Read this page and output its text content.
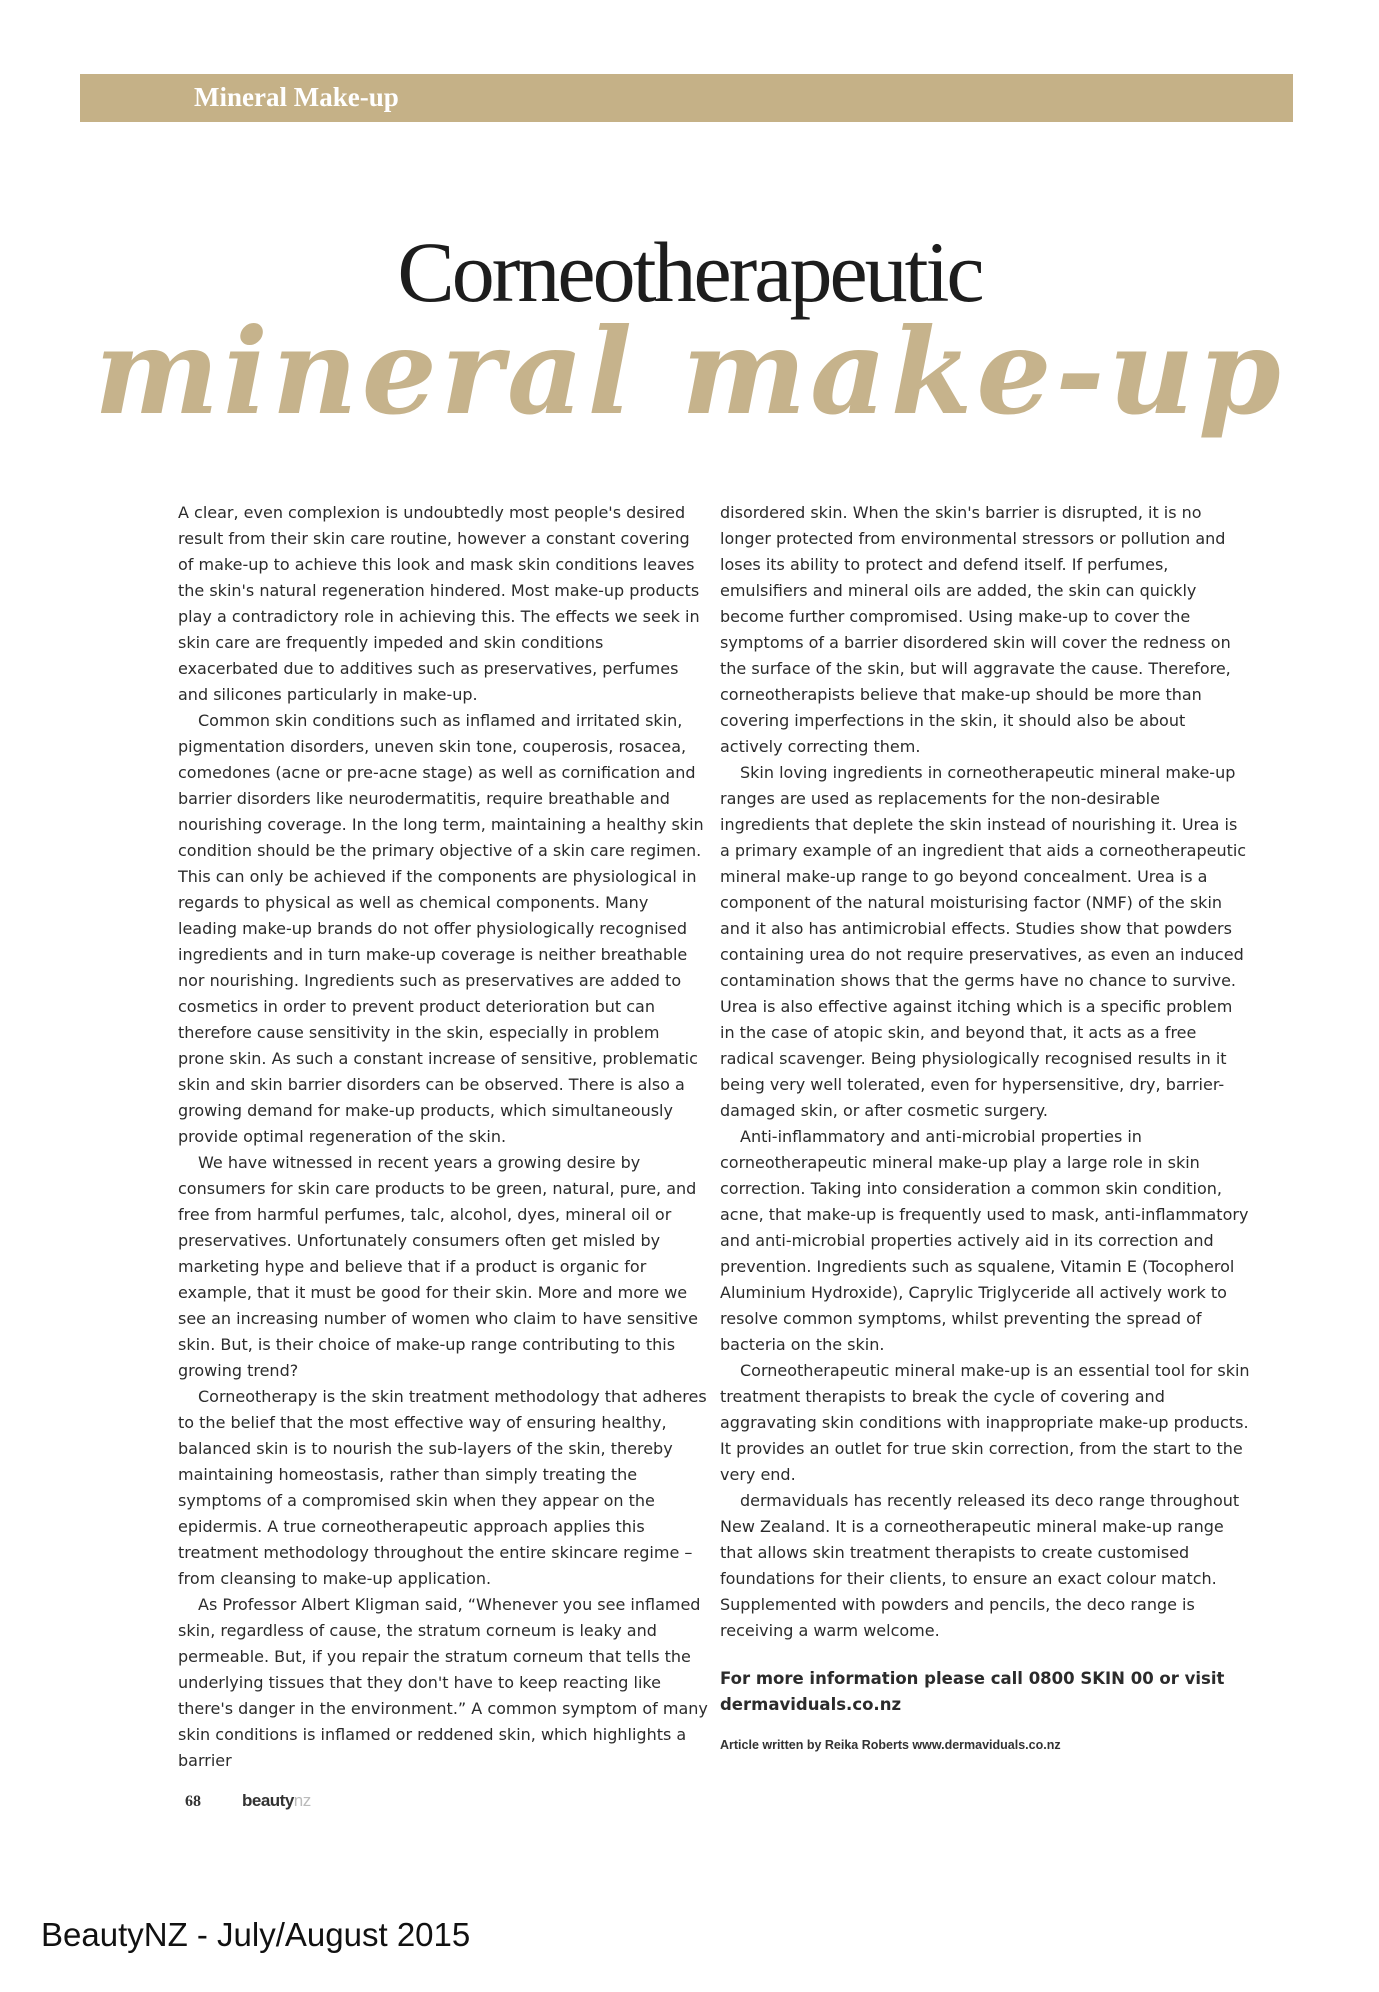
Mineral Make-up
Corneotherapeutic
mineral make-up

A clear, even complexion is undoubtedly most people's desired result from their skin care routine, however a constant covering of make-up to achieve this look and mask skin conditions leaves the skin's natural regeneration hindered. Most make-up products play a contradictory role in achieving this. The effects we seek in skin care are frequently impeded and skin conditions exacerbated due to additives such as preservatives, perfumes and silicones particularly in make-up.

Common skin conditions such as inflamed and irritated skin, pigmentation disorders, uneven skin tone, couperosis, rosacea, comedones (acne or pre-acne stage) as well as cornification and barrier disorders like neurodermatitis, require breathable and nourishing coverage. In the long term, maintaining a healthy skin condition should be the primary objective of a skin care regimen. This can only be achieved if the components are physiological in regards to physical as well as chemical components. Many leading make-up brands do not offer physiologically recognised ingredients and in turn make-up coverage is neither breathable nor nourishing. Ingredients such as preservatives are added to cosmetics in order to prevent product deterioration but can therefore cause sensitivity in the skin, especially in problem prone skin. As such a constant increase of sensitive, problematic skin and skin barrier disorders can be observed. There is also a growing demand for make-up products, which simultaneously provide optimal regeneration of the skin.

We have witnessed in recent years a growing desire by consumers for skin care products to be green, natural, pure, and free from harmful perfumes, talc, alcohol, dyes, mineral oil or preservatives. Unfortunately consumers often get misled by marketing hype and believe that if a product is organic for example, that it must be good for their skin. More and more we see an increasing number of women who claim to have sensitive skin. But, is their choice of make-up range contributing to this growing trend?

Corneotherapy is the skin treatment methodology that adheres to the belief that the most effective way of ensuring healthy, balanced skin is to nourish the sub-layers of the skin, thereby maintaining homeostasis, rather than simply treating the symptoms of a compromised skin when they appear on the epidermis. A true corneotherapeutic approach applies this treatment methodology throughout the entire skincare regime – from cleansing to make-up application.

As Professor Albert Kligman said, “Whenever you see inflamed skin, regardless of cause, the stratum corneum is leaky and permeable. But, if you repair the stratum corneum that tells the underlying tissues that they don't have to keep reacting like there's danger in the environment.” A common symptom of many skin conditions is inflamed or reddened skin, which highlights a barrier

disordered skin. When the skin's barrier is disrupted, it is no longer protected from environmental stressors or pollution and loses its ability to protect and defend itself. If perfumes, emulsifiers and mineral oils are added, the skin can quickly become further compromised. Using make-up to cover the symptoms of a barrier disordered skin will cover the redness on the surface of the skin, but will aggravate the cause. Therefore, corneotherapists believe that make-up should be more than covering imperfections in the skin, it should also be about actively correcting them.

Skin loving ingredients in corneotherapeutic mineral make-up ranges are used as replacements for the non-desirable ingredients that deplete the skin instead of nourishing it. Urea is a primary example of an ingredient that aids a corneotherapeutic mineral make-up range to go beyond concealment. Urea is a component of the natural moisturising factor (NMF) of the skin and it also has antimicrobial effects. Studies show that powders containing urea do not require preservatives, as even an induced contamination shows that the germs have no chance to survive. Urea is also effective against itching which is a specific problem in the case of atopic skin, and beyond that, it acts as a free radical scavenger. Being physiologically recognised results in it being very well tolerated, even for hypersensitive, dry, barrier-damaged skin, or after cosmetic surgery.

Anti-inflammatory and anti-microbial properties in corneotherapeutic mineral make-up play a large role in skin correction. Taking into consideration a common skin condition, acne, that make-up is frequently used to mask, anti-inflammatory and anti-microbial properties actively aid in its correction and prevention. Ingredients such as squalene, Vitamin E (Tocopherol Aluminium Hydroxide), Caprylic Triglyceride all actively work to resolve common symptoms, whilst preventing the spread of bacteria on the skin.

Corneotherapeutic mineral make-up is an essential tool for skin treatment therapists to break the cycle of covering and aggravating skin conditions with inappropriate make-up products. It provides an outlet for true skin correction, from the start to the very end.

dermaviduals has recently released its deco range throughout New Zealand. It is a corneotherapeutic mineral make-up range that allows skin treatment therapists to create customised foundations for their clients, to ensure an exact colour match. Supplemented with powders and pencils, the deco range is receiving a warm welcome.

For more information please call 0800 SKIN 00 or visit dermaviduals.co.nz

Article written by Reika Roberts www.dermaviduals.co.nz

68 beautynz
BeautyNZ - July/August 2015
